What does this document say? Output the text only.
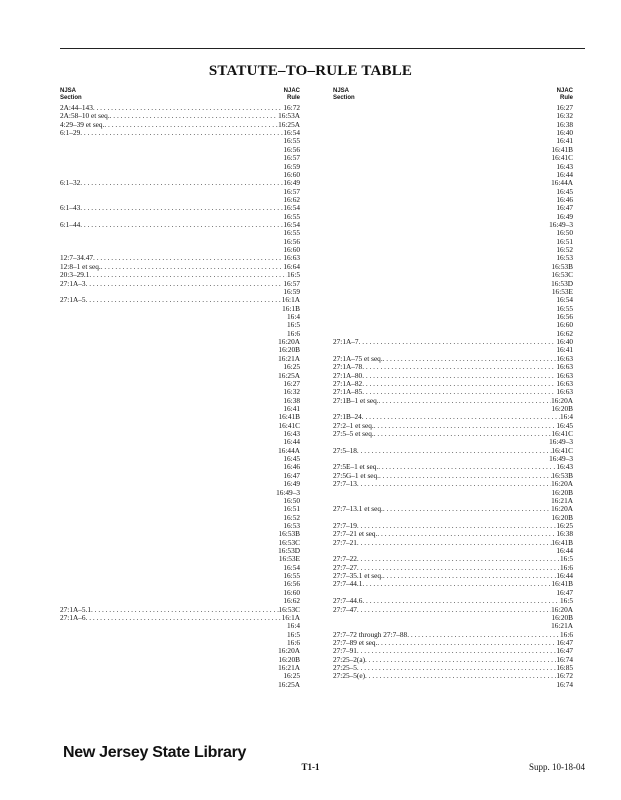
STATUTE–TO–RULE TABLE
NJSA
Section
NJAC
Rule
2A:44–143 . . .	16:72
2A:58–10 et seq. . . .	16:53A
4:29–39 et seq. . . .	16:25A
6:1–29 . . .	16:54
16:55
16:56
16:57
16:59
16:60
6:1–32 . . .	16:49
16:57
16:62
6:1–43 . . .	16:54
16:55
6:1–44 . . .	16:54
16:55
16:56
16:60
12:7–34.47 . . .	16:63
12:8–1 et seq. . . .	16:64
20:3–29.1 . . .	16:5
27:1A–3 . . .	16:57
16:59
27:1A–5 . . .	16:1A
16:1B
16:4
16:5
16:6
16:20A
16:20B
16:21A
16:25
16:25A
16:27
16:32
16:38
16:41
16:41B
16:41C
16:43
16:44
16:44A
16:45
16:46
16:47
16:49
16:49–3
16:50
16:51
16:52
16:53
16:53B
16:53C
16:53D
16:53E
16:54
16:55
16:56
16:60
16:62
27:1A–5.1 . . .	16:53C
27:1A–6 . . .	16:1A
16:4
16:5
16:6
16:20A
16:20B
16:21A
16:25
16:25A
NJSA
Section
NJAC
Rule
16:27
16:32
16:38
16:40
16:41
16:41B
16:41C
16:43
16:44
16:44A
16:45
16:46
16:47
16:49
16:49–3
16:50
16:51
16:52
16:53
16:53B
16:53C
16:53D
16:53E
16:54
16:55
16:56
16:60
16:62
27:1A–7 . . .	16:40
16:41
27:1A–75 et seq. . . .	16:63
27:1A–78 . . .	16:63
27:1A–80 . . .	16:63
27:1A–82 . . .	16:63
27:1A–85 . . .	16:63
27:1B–1 et seq. . . .	16:20A
16:20B
27:1B–24 . . .	16:4
27:2–1 et seq. . . .	16:45
27:5–5 et seq. . . .	16:41C
16:49–3
27:5–18 . . .	16:41C
16:49–3
27:5E–1 et seq. . . .	16:43
27:5G–1 et seq. . . .	16:53B
27:7–13 . . .	16:20A
16:20B
16:21A
27:7–13.1 et seq. . . .	16:20A
16:20B
27:7–19 . . .	16:25
27:7–21 et seq. . . .	16:38
27:7–21 . . .	16:41B
16:44
27:7–22 . . .	16:5
27:7–27 . . .	16:6
27:7–35.1 et seq. . . .	16:44
27:7–44.1 . . .	16:41B
16:47
27:7–44.6 . . .	16:5
27:7–47 . . .	16:20A
16:20B
16:21A
27:7–72 through 27:7–88 . . .	16:6
27:7–89 et seq. . . .	16:47
27:7–91 . . .	16:47
27:25–2(a) . . .	16:74
27:25–5 . . .	16:85
27:25–5(e) . . .	16:72
16:74
New Jersey State Library
T1-1	Supp. 10-18-04
